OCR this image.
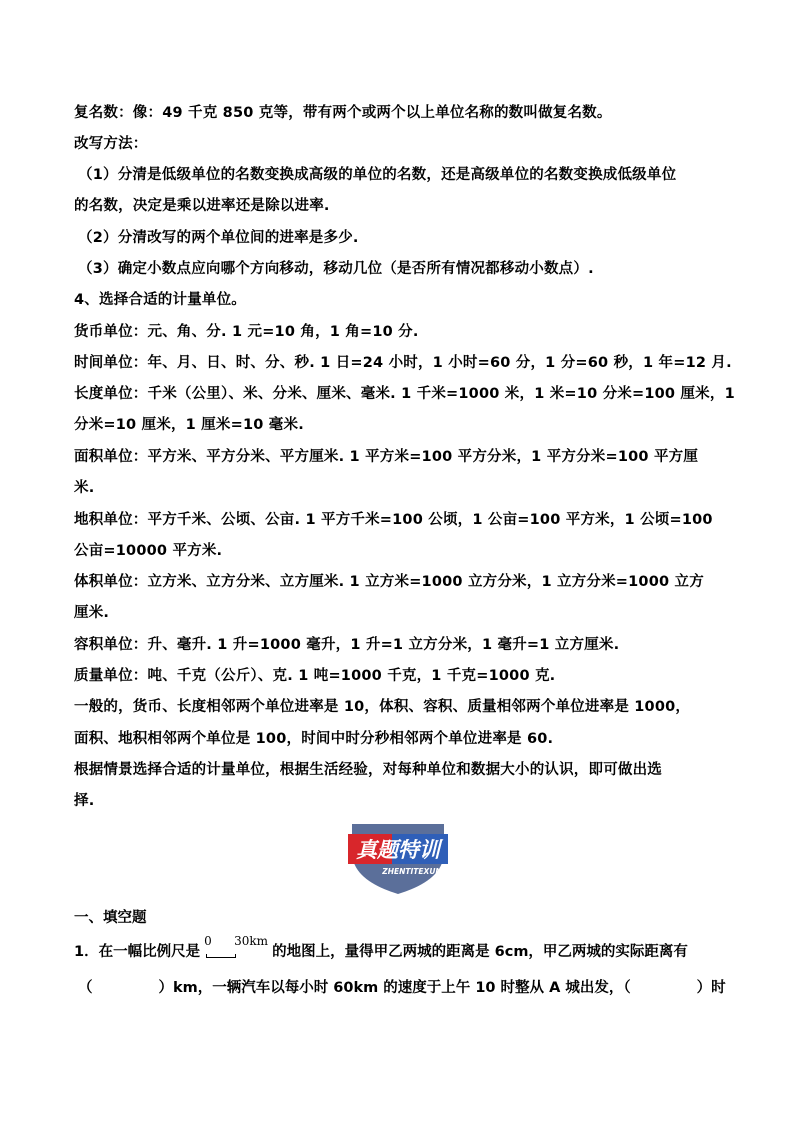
复名数：像：49 千克 850 克等，带有两个或两个以上单位名称的数叫做复名数。
改写方法：
（1）分清是低级单位的名数变换成高级的单位的名数，还是高级单位的名数变换成低级单位
的名数，决定是乘以进率还是除以进率.
（2）分清改写的两个单位间的进率是多少.
（3）确定小数点应向哪个方向移动，移动几位（是否所有情况都移动小数点）.
4、选择合适的计量单位。
货币单位：元、角、分. 1 元=10 角，1 角=10 分.
时间单位：年、月、日、时、分、秒. 1 日=24 小时，1 小时=60 分，1 分=60 秒，1 年=12 月.
长度单位：千米（公里）、米、分米、厘米、毫米. 1 千米=1000 米，1 米=10 分米=100 厘米，1
分米=10 厘米，1 厘米=10 毫米.
面积单位：平方米、平方分米、平方厘米. 1 平方米=100 平方分米，1 平方分米=100 平方厘
米.
地积单位：平方千米、公顷、公亩. 1 平方千米=100 公顷，1 公亩=100 平方米，1 公顷=100
公亩=10000 平方米.
体积单位：立方米、立方分米、立方厘米. 1 立方米=1000 立方分米，1 立方分米=1000 立方
厘米.
容积单位：升、毫升. 1 升=1000 毫升，1 升=1 立方分米，1 毫升=1 立方厘米.
质量单位：吨、千克（公斤）、克. 1 吨=1000 千克，1 千克=1000 克.
一般的，货币、长度相邻两个单位进率是 10，体积、容积、质量相邻两个单位进率是 1000，
面积、地积相邻两个单位是 100，时间中时分秒相邻两个单位进率是 60.
根据情景选择合适的计量单位，根据生活经验，对每种单位和数据大小的认识，即可做出选
择.
真题特训
ZHENTITEXUN
一、填空题
1．在一幅比例尺是
0 30km
的地图上，量得甲乙两城的距离是 6cm，甲乙两城的实际距离有
（	）km，一辆汽车以每小时 60km 的速度于上午 10 时整从 A 城出发，（	）时
